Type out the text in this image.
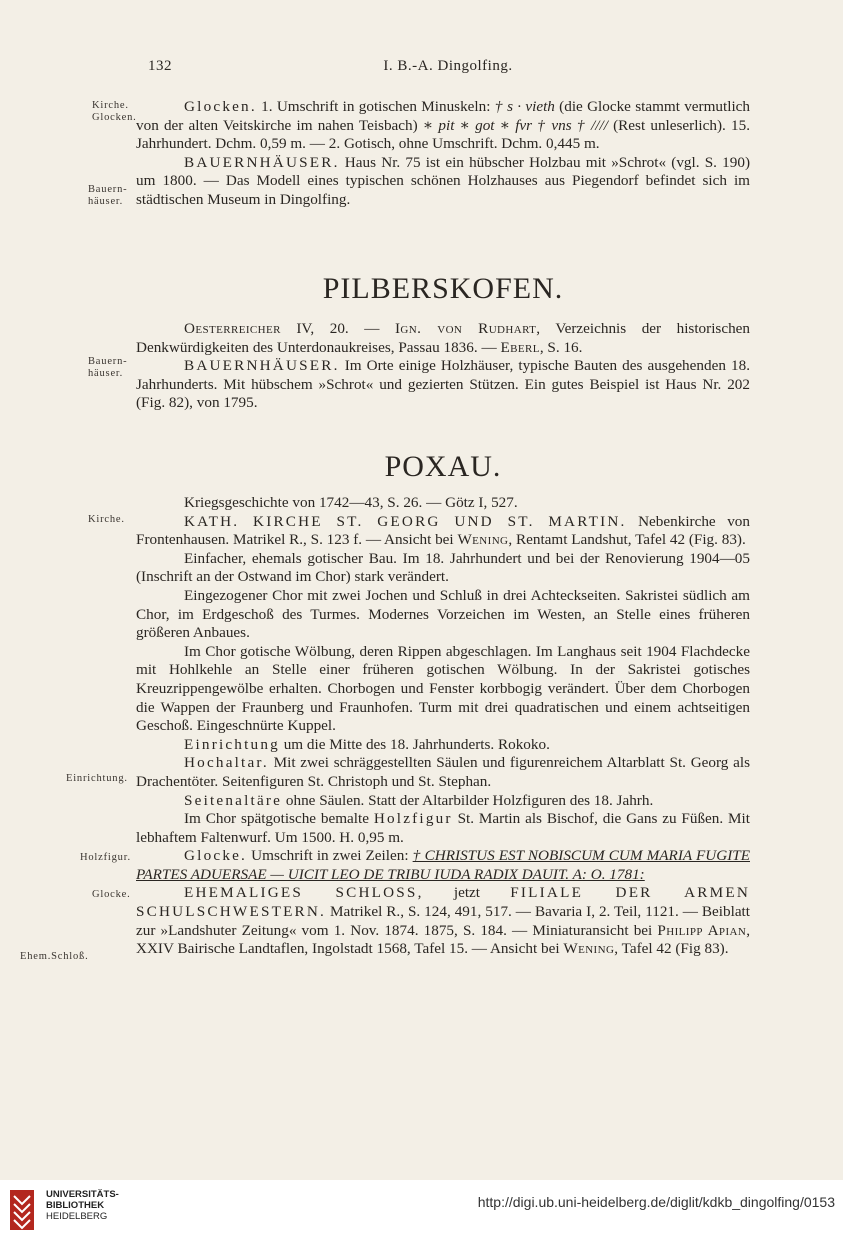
132	I. B.-A. Dingolfing.
Kirche.
Glocken.
Bauern-
häuser.
Bauern-
häuser.
Kirche.
Einrichtung.
Holzfigur.
Glocke.
Ehem.Schloß.

Glocken. 1. Umschrift in gotischen Minuskeln: † s · vieth (die Glocke stammt vermutlich von der alten Veitskirche im nahen Teisbach) ∗ pit ∗ got ∗ fvr † vns † //// (Rest unleserlich). 15. Jahrhundert. Dchm. 0,59 m. — 2. Gotisch, ohne Umschrift. Dchm. 0,445 m.

BAUERNHÄUSER. Haus Nr. 75 ist ein hübscher Holzbau mit »Schrot« (vgl. S. 190) um 1800. — Das Modell eines typischen schönen Holzhauses aus Piegendorf befindet sich im städtischen Museum in Dingolfing.

PILBERSKOFEN.

Oesterreicher IV, 20. — Ign. von Rudhart, Verzeichnis der historischen Denkwürdigkeiten des Unterdonaukreises, Passau 1836. — Eberl, S. 16.

BAUERNHÄUSER. Im Orte einige Holzhäuser, typische Bauten des ausgehenden 18. Jahrhunderts. Mit hübschem »Schrot« und gezierten Stützen. Ein gutes Beispiel ist Haus Nr. 202 (Fig. 82), von 1795.

POXAU.

Kriegsgeschichte von 1742—43, S. 26. — Götz I, 527.

KATH. KIRCHE ST. GEORG UND ST. MARTIN. Nebenkirche von Frontenhausen. Matrikel R., S. 123 f. — Ansicht bei Wening, Rentamt Landshut, Tafel 42 (Fig. 83).

Einfacher, ehemals gotischer Bau. Im 18. Jahrhundert und bei der Renovierung 1904—05 (Inschrift an der Ostwand im Chor) stark verändert.

Eingezogener Chor mit zwei Jochen und Schluß in drei Achteckseiten. Sakristei südlich am Chor, im Erdgeschoß des Turmes. Modernes Vorzeichen im Westen, an Stelle eines früheren größeren Anbaues.

Im Chor gotische Wölbung, deren Rippen abgeschlagen. Im Langhaus seit 1904 Flachdecke mit Hohlkehle an Stelle einer früheren gotischen Wölbung. In der Sakristei gotisches Kreuzrippengewölbe erhalten. Chorbogen und Fenster korbbogig verändert. Über dem Chorbogen die Wappen der Fraunberg und Fraunhofen. Turm mit drei quadratischen und einem achtseitigen Geschoß. Eingeschnürte Kuppel.

Einrichtung um die Mitte des 18. Jahrhunderts. Rokoko.

Hochaltar. Mit zwei schräggestellten Säulen und figurenreichem Altarblatt St. Georg als Drachentöter. Seitenfiguren St. Christoph und St. Stephan.

Seitenaltäre ohne Säulen. Statt der Altarbilder Holzfiguren des 18. Jahrh.

Im Chor spätgotische bemalte Holzfigur St. Martin als Bischof, die Gans zu Füßen. Mit lebhaftem Faltenwurf. Um 1500. H. 0,95 m.

Glocke. Umschrift in zwei Zeilen: † CHRISTUS EST NOBISCUM CUM MARIA FUGITE PARTES ADUERSAE — UICIT LEO DE TRIBU IUDA RADIX DAUIT. A: O. 1781:

EHEMALIGES SCHLOSS, jetzt FILIALE DER ARMEN SCHULSCHWESTERN. Matrikel R., S. 124, 491, 517. — Bavaria I, 2. Teil, 1121. — Beiblatt zur »Landshuter Zeitung« vom 1. Nov. 1874. 1875, S. 184. — Miniaturansicht bei Philipp Apian, XXIV Bairische Landtaflen, Ingolstadt 1568, Tafel 15. — Ansicht bei Wening, Tafel 42 (Fig 83).

UNIVERSITÄTS-
BIBLIOTHEK
HEIDELBERG
http://digi.ub.uni-heidelberg.de/diglit/kdkb_dingolfing/0153
